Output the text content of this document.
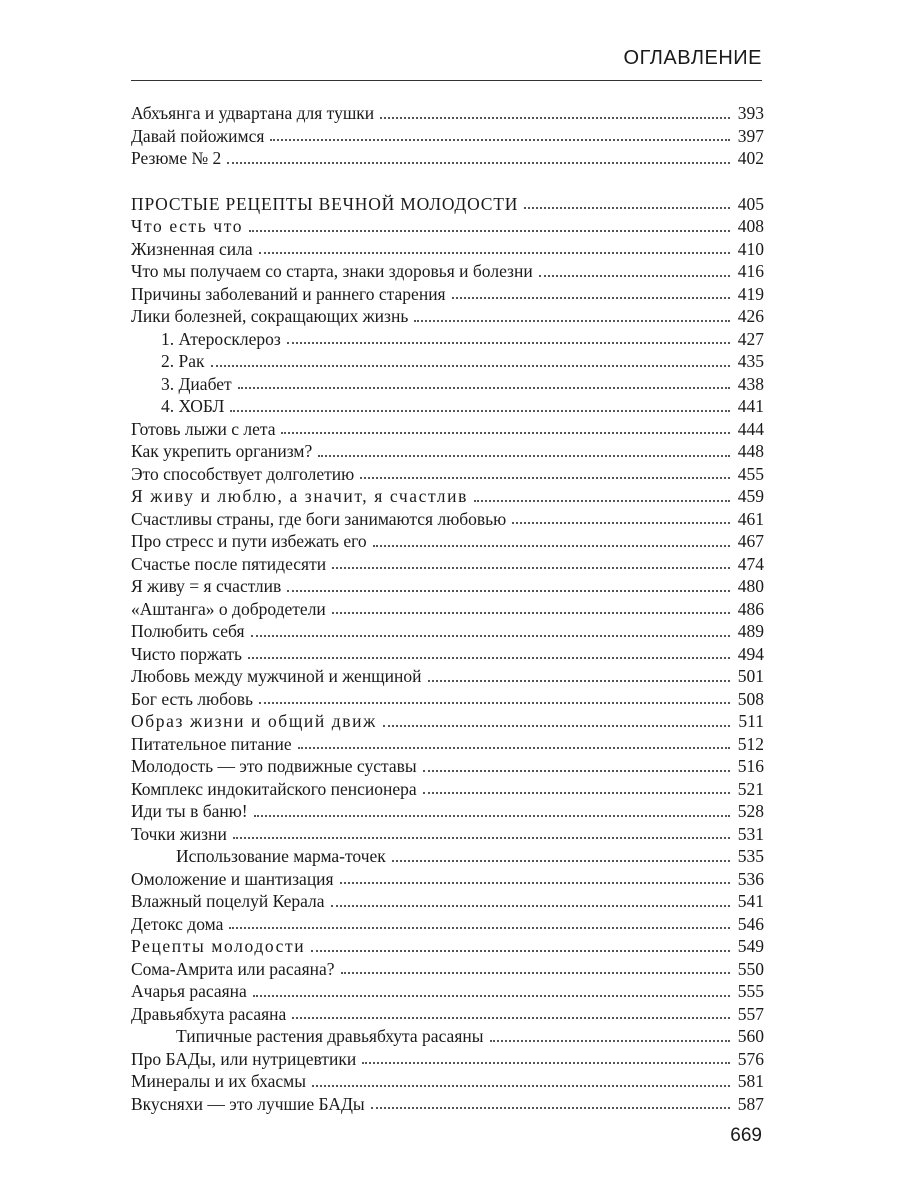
ОГЛАВЛЕНИЕ
Абхъянга и удвартана для тушки	393
Давай пойожимся	397
Резюме № 2	402
ПРОСТЫЕ РЕЦЕПТЫ ВЕЧНОЙ МОЛОДОСТИ	405
Что есть что	408
Жизненная сила	410
Что мы получаем со старта, знаки здоровья и болезни	416
Причины заболеваний и раннего старения	419
Лики болезней, сокращающих жизнь	426
1. Атеросклероз	427
2. Рак	435
3. Диабет	438
4. ХОБЛ	441
Готовь лыжи с лета	444
Как укрепить организм?	448
Это способствует долголетию	455
Я живу и люблю, а значит, я счастлив	459
Счастливы страны, где боги занимаются любовью	461
Про стресс и пути избежать его	467
Счастье после пятидесяти	474
Я живу = я счастлив	480
«Аштанга» о добродетели	486
Полюбить себя	489
Чисто поржать	494
Любовь между мужчиной и женщиной	501
Бог есть любовь	508
Образ жизни и общий движ	511
Питательное питание	512
Молодость — это подвижные суставы	516
Комплекс индокитайского пенсионера	521
Иди ты в баню!	528
Точки жизни	531
Использование марма-точек	535
Омоложение и шантизация	536
Влажный поцелуй Керала	541
Детокс дома	546
Рецепты молодости	549
Сома-Амрита или расаяна?	550
Ачарья расаяна	555
Дравьябхута расаяна	557
Типичные растения дравьябхута расаяны	560
Про БАДы, или нутрицевтики	576
Минералы и их бхасмы	581
Вкусняхи — это лучшие БАДы	587
669
